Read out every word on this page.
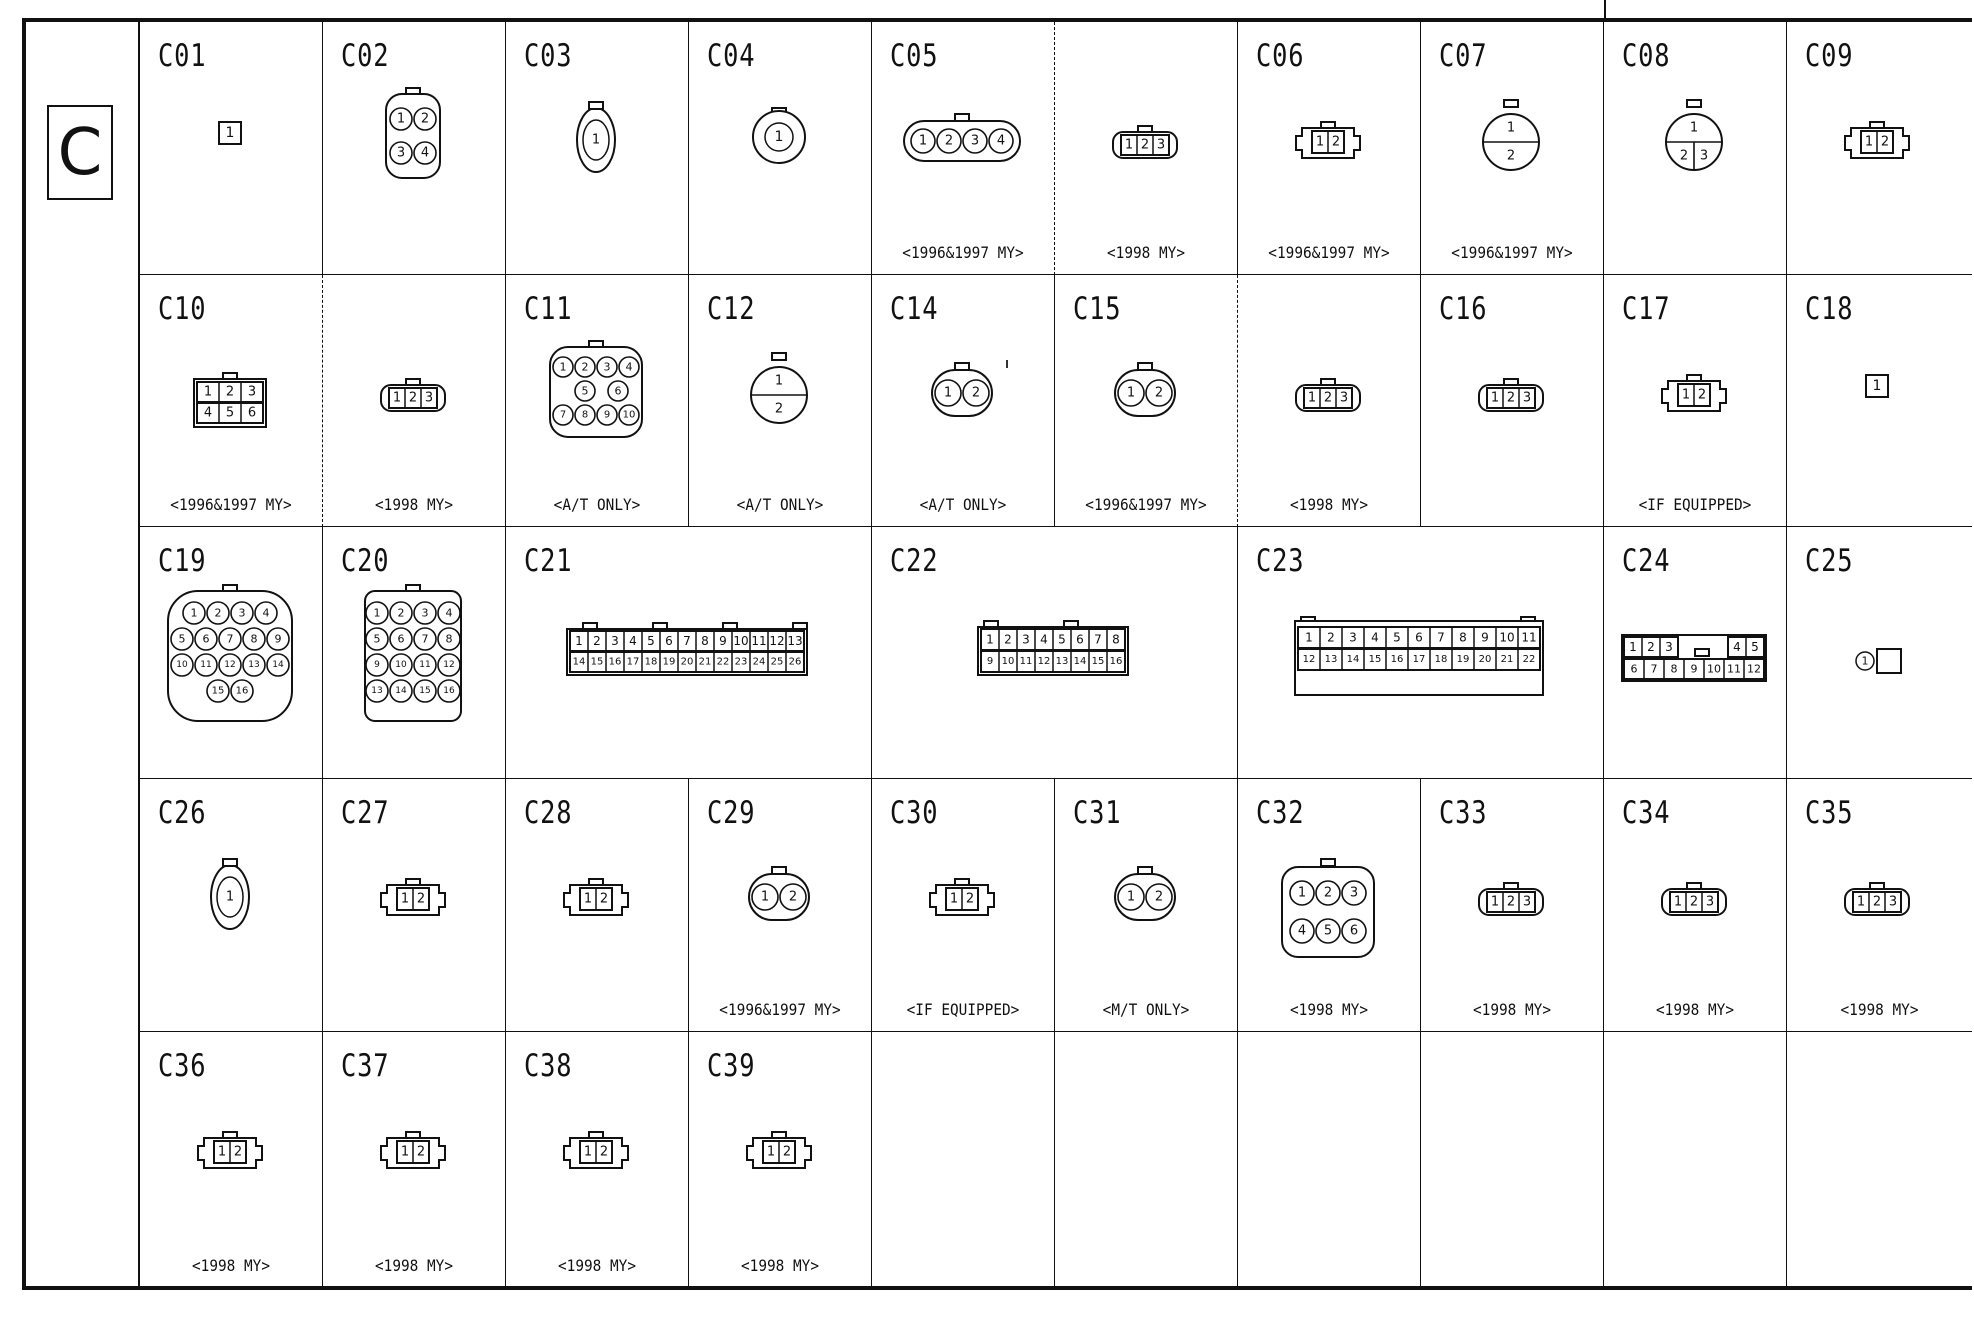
C
C01
1
C02
1 2
3 4
C03
1
C04
1
C05
1 2 3 4
<1996&1997 MY>
1 2 3
<1998 MY>
C06
1 2
<1996&1997 MY>
C07
1
2
<1996&1997 MY>
C08
1
2 3
C09
1 2
C10
1 2 3
4 5 6
<1996&1997 MY>
1 2 3
<1998 MY>
C11
1 2 3 4
5 6
7 8 9 10
<A/T ONLY>
C12
1
2
<A/T ONLY>
C14
1 2
<A/T ONLY>
C15
1 2
<1996&1997 MY>
1 2 3
<1998 MY>
C16
1 2 3
C17
1 2
<IF EQUIPPED>
C18
1
C19
1 2 3 4
5 6 7 8 9
10 11 12 13 14
15 16
C20
1 2 3 4
5 6 7 8
9 10 11 12
13 14 15 16
C21
1 2 3 4 5 6 7 8 9 10 11 12 13
14 15 16 17 18 19 20 21 22 23 24 25 26
C22
1 2 3 4 5 6 7 8
9 10 11 12 13 14 15 16
C23
1 2 3 4 5 6 7 8 9 10 11
12 13 14 15 16 17 18 19 20 21 22
C24
1 2 3	4 5
6 7 8 9 10 11 12
C25
1
C26
1
C27
1 2
C28
1 2
C29
1 2
<1996&1997 MY>
C30
1 2
<IF EQUIPPED>
C31
1 2
<M/T ONLY>
C32
1 2 3
4 5 6
<1998 MY>
C33
1 2 3
<1998 MY>
C34
1 2 3
<1998 MY>
C35
1 2 3
<1998 MY>
C36
1 2
<1998 MY>
C37
1 2
<1998 MY>
C38
1 2
<1998 MY>
C39
1 2
<1998 MY>
